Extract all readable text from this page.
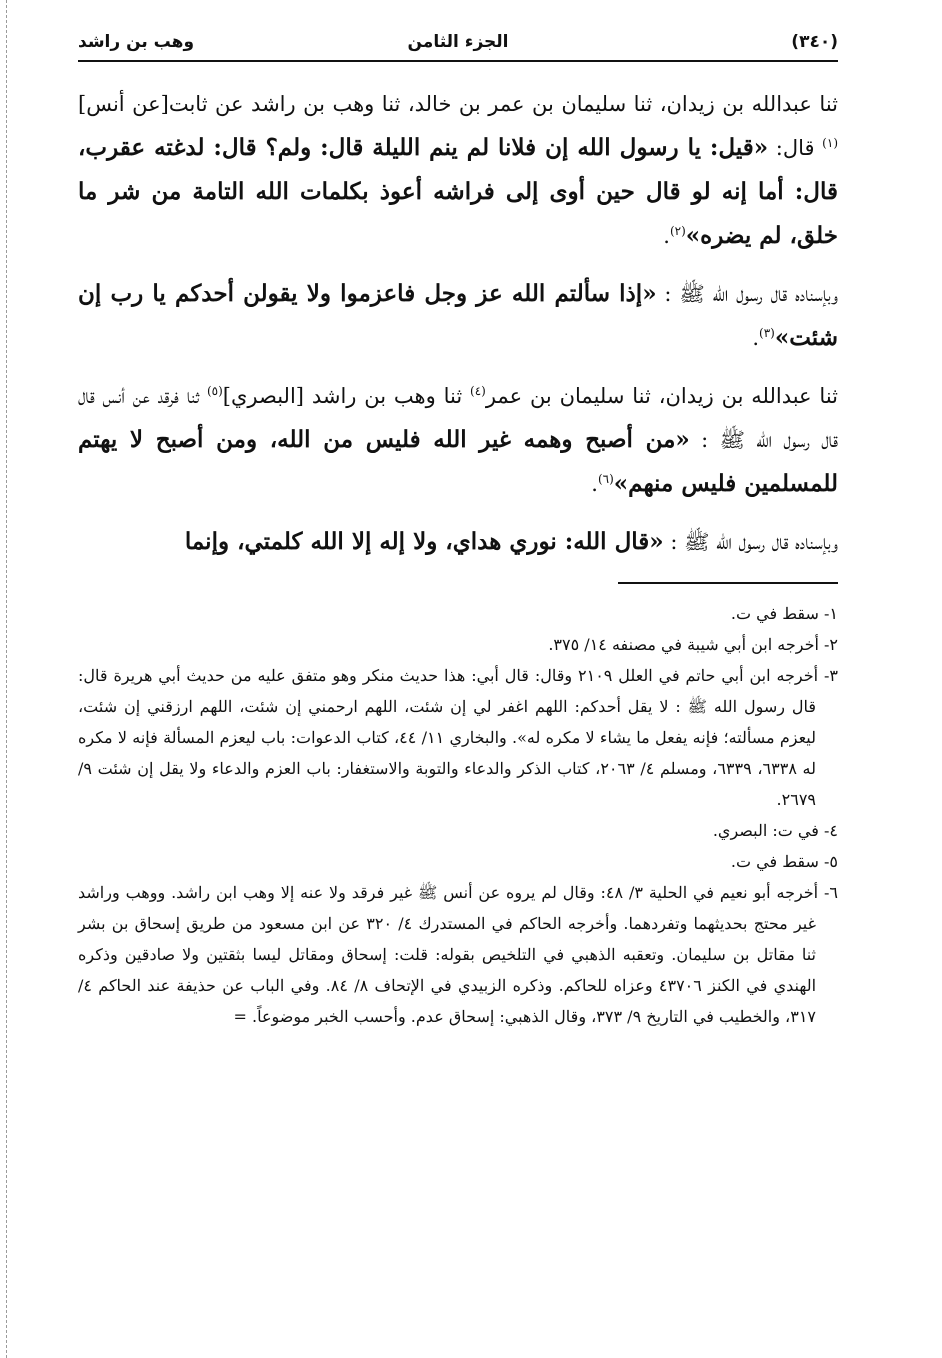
(٣٤٠)
الجزء الثامن
وهب بن راشد

ثنا عبدالله بن زيدان، ثنا سليمان بن عمر بن خالد، ثنا وهب بن راشد عن ثابت[عن أنس]$^{(١)}$ قال: «قيل: يا رسول الله إن فلانا لم ينم الليلة قال: ولم؟ قال: لدغته عقرب، قال: أما إنه لو قال حين أوى إلى فراشه أعوذ بكلمات الله التامة من شر ما خلق، لم يضره»$^{(٢)}$.

وبإسناده قال رسول الله ﷺ : «إذا سألتم الله عز وجل فاعزموا ولا يقولن أحدكم يا رب إن شئت»$^{(٣)}$.

ثنا عبدالله بن زيدان، ثنا سليمان بن عمر$^{(٤)}$ ثنا وهب بن راشد [البصري]$^{(٥)}$ ثنا فرقد عن أنس قال قال رسول الله ﷺ : «من أصبح وهمه غير الله فليس من الله، ومن أصبح لا يهتم للمسلمين فليس منهم»$^{(٦)}$.

وبإسناده قال رسول الله ﷺ : «قال الله: نوري هداي، ولا إله إلا الله كلمتي، وإنما

١- سقط في ت.

٢- أخرجه ابن أبي شيبة في مصنفه ١٤/ ٣٧٥.

٣- أخرجه ابن أبي حاتم في العلل ٢١٠٩ وقال: قال أبي: هذا حديث منكر وهو متفق عليه من حديث أبي هريرة قال: قال رسول الله ﷺ : لا يقل أحدكم: اللهم اغفر لي إن شئت، اللهم ارحمني إن شئت، اللهم ارزقني إن شئت، ليعزم مسألته؛ فإنه يفعل ما يشاء لا مكره له». والبخاري ١١/ ٤٤، كتاب الدعوات: باب ليعزم المسألة فإنه لا مكره له ٦٣٣٨، ٦٣٣٩، ومسلم ٤/ ٢٠٦٣، كتاب الذكر والدعاء والتوبة والاستغفار: باب العزم والدعاء ولا يقل إن شئت ٩/ ٢٦٧٩.

٤- في ت: البصري.

٥- سقط في ت.

٦- أخرجه أبو نعيم في الحلية ٣/ ٤٨: وقال لم يروه عن أنس ﷺ غير فرقد ولا عنه إلا وهب ابن راشد. ووهب وراشد غير محتج بحديثهما وتفردهما. وأخرجه الحاكم في المستدرك ٤/ ٣٢٠ عن ابن مسعود من طريق إسحاق بن بشر ثنا مقاتل بن سليمان. وتعقبه الذهبي في التلخيص بقوله: قلت: إسحاق ومقاتل ليسا بثقتين ولا صادقين وذكره الهندي في الكنز ٤٣٧٠٦ وعزاه للحاكم. وذكره الزبيدي في الإتحاف ٨/ ٨٤. وفي الباب عن حذيفة عند الحاكم ٤/ ٣١٧، والخطيب في التاريخ ٩/ ٣٧٣، وقال الذهبي: إسحاق عدم. وأحسب الخبر موضوعاً. =
